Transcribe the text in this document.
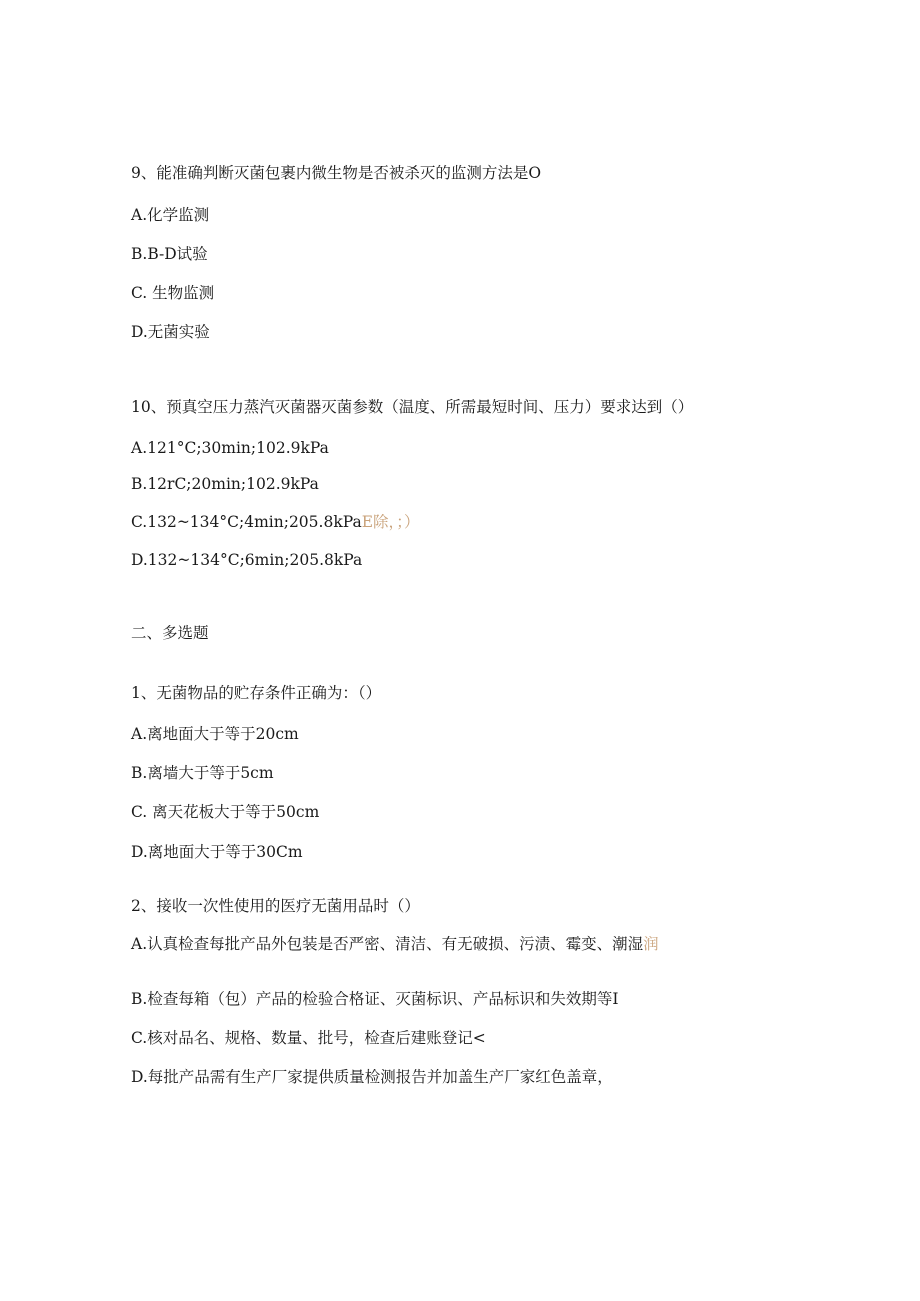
9、能准确判断灭菌包裹内微生物是否被杀灭的监测方法是O
A.化学监测
B.B-D试验
C. 生物监测
D.无菌实验
10、预真空压力蒸汽灭菌器灭菌参数（温度、所需最短时间、压力）要求达到（）
A.121°C;30min;102.9kPa
B.12rC;20min;102.9kPa
C.132~134°C;4min;205.8kPaE除，；）
D.132~134°C;6min;205.8kPa
二、多选题
1、无菌物品的贮存条件正确为：（）
A.离地面大于等于20cm
B.离墙大于等于5cm
C. 离天花板大于等于50cm
D.离地面大于等于30Cm
2、接收一次性使用的医疗无菌用品时（）
A.认真检查每批产品外包装是否严密、清洁、有无破损、污渍、霉变、潮湿润
B.检查每箱（包）产品的检验合格证、灭菌标识、产品标识和失效期等I
C.核对品名、规格、数量、批号，检查后建账登记<
D.每批产品需有生产厂家提供质量检测报告并加盖生产厂家红色盖章，
